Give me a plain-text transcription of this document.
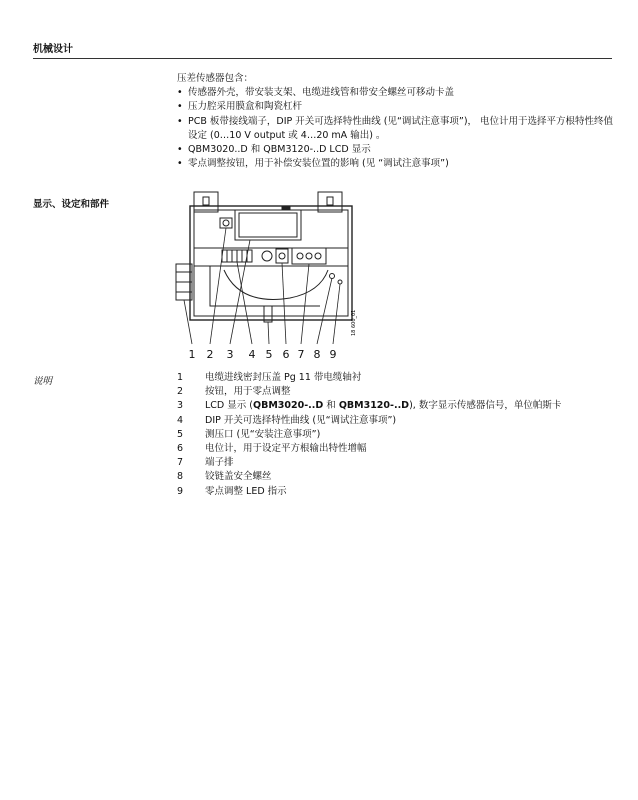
机械设计
压差传感器包含：
• 传感器外壳，带安装支架、电缆进线管和带安全螺丝可移动卡盖
• 压力腔采用膜盒和陶瓷杠杆
• PCB 板带接线端子，DIP 开关可选择特性曲线 (见“调试注意事项”)， 电位计用于选择平方根特性终值设定 (0…10 V output 或 4…20 mA 输出) 。
• QBM3020..D 和 QBM3120-..D LCD 显示
• 零点调整按钮，用于补偿安装位置的影响 (见 “调试注意事项”)
显示、设定和部件
18 600_01
1 2 3 4 5 6 7 8 9
说明	1	电缆进线密封压盖 Pg 11 带电缆轴衬
2	按钮，用于零点调整
3	LCD 显示 (QBM3020-..D 和 QBM3120-..D), 数字显示传感器信号，单位帕斯卡
4	DIP 开关可选择特性曲线 (见“调试注意事项”)
5	测压口 (见“安装注意事项”)
6	电位计，用于设定平方根输出特性增幅
7	端子排
8	铰链盖安全螺丝
9	零点调整 LED 指示
